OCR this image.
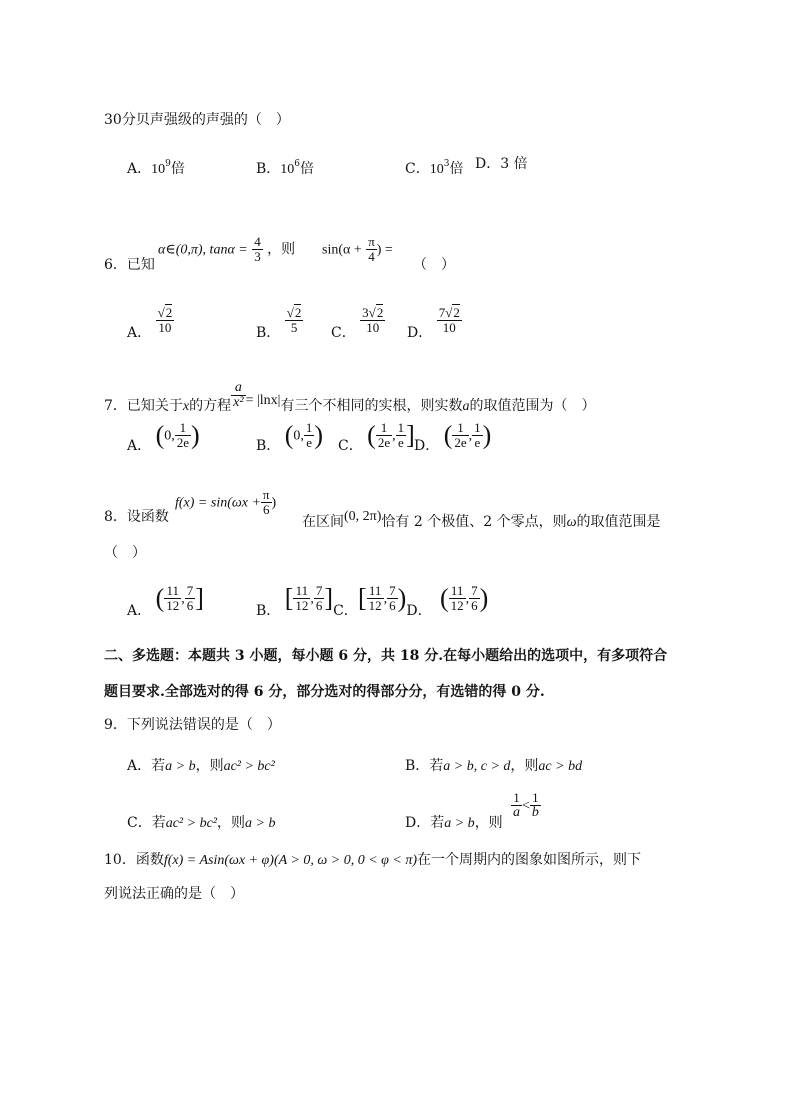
30分贝声强级的声强的（　）
A．$10^9$倍	B．$10^6$倍	C．$10^3$倍 D．3 倍
6．已知
α∈(0,π), $\tan\alpha = \frac{4}{3}$ ，则 $\sin(\alpha + \frac{\pi}{4}$ ) =
（　）
A． $\frac{√2}{10}$	B． $\frac{√2}{5}$ C． $\frac{3√2}{10}$ D． $\frac{7√2}{10}$
7．已知关于x的方程 $\frac{a}{\text{x²}} = |\ln x|$有三个不相同的实根，则实数a的取值范围为（　）
A． (0, $\frac{1}{2e}$ )	B． (0, $\frac{1}{e}$ ) C． ( $\frac{1}{2e}$ , $\frac{1}{e}$ ] D． ( $\frac{1}{2e}$ , $\frac{1}{e}$ )
8．设函数
$f(x) = \sin(\omega x + \frac{\pi}{6}$ )
在区间(0, 2π)恰有 2 个极值、2 个零点，则ω的取值范围是
（　）
A． ( $\frac{11}{12}$ , $\frac{7}{6}$ ]	B． [ $\frac{11}{12}$ , $\frac{7}{6} ]C$． [ $\frac{11}{12}$ , $\frac{7}{6} )D$． ( $\frac{11}{12}$ , $\frac{7}{6}$ )
二、多选题：本题共 3 小题，每小题 6 分，共 18 分.在每小题给出的选项中，有多项符合
题目要求.全部选对的得 6 分，部分选对的得部分分，有选错的得 0 分.
9．下列说法错误的是（　）
A．若a > b，则ac² > bc²	B．若a > b, c > d，则ac > bd
C．若ac² > bc²，则a > b	D．若a > b，则
$\frac{1}{a} < \frac{1}{b}$
10．函数f(x) = Asin(ωx + φ)(A > 0, ω > 0, 0 < φ < π)在一个周期内的图象如图所示，则下
列说法正确的是（　）
